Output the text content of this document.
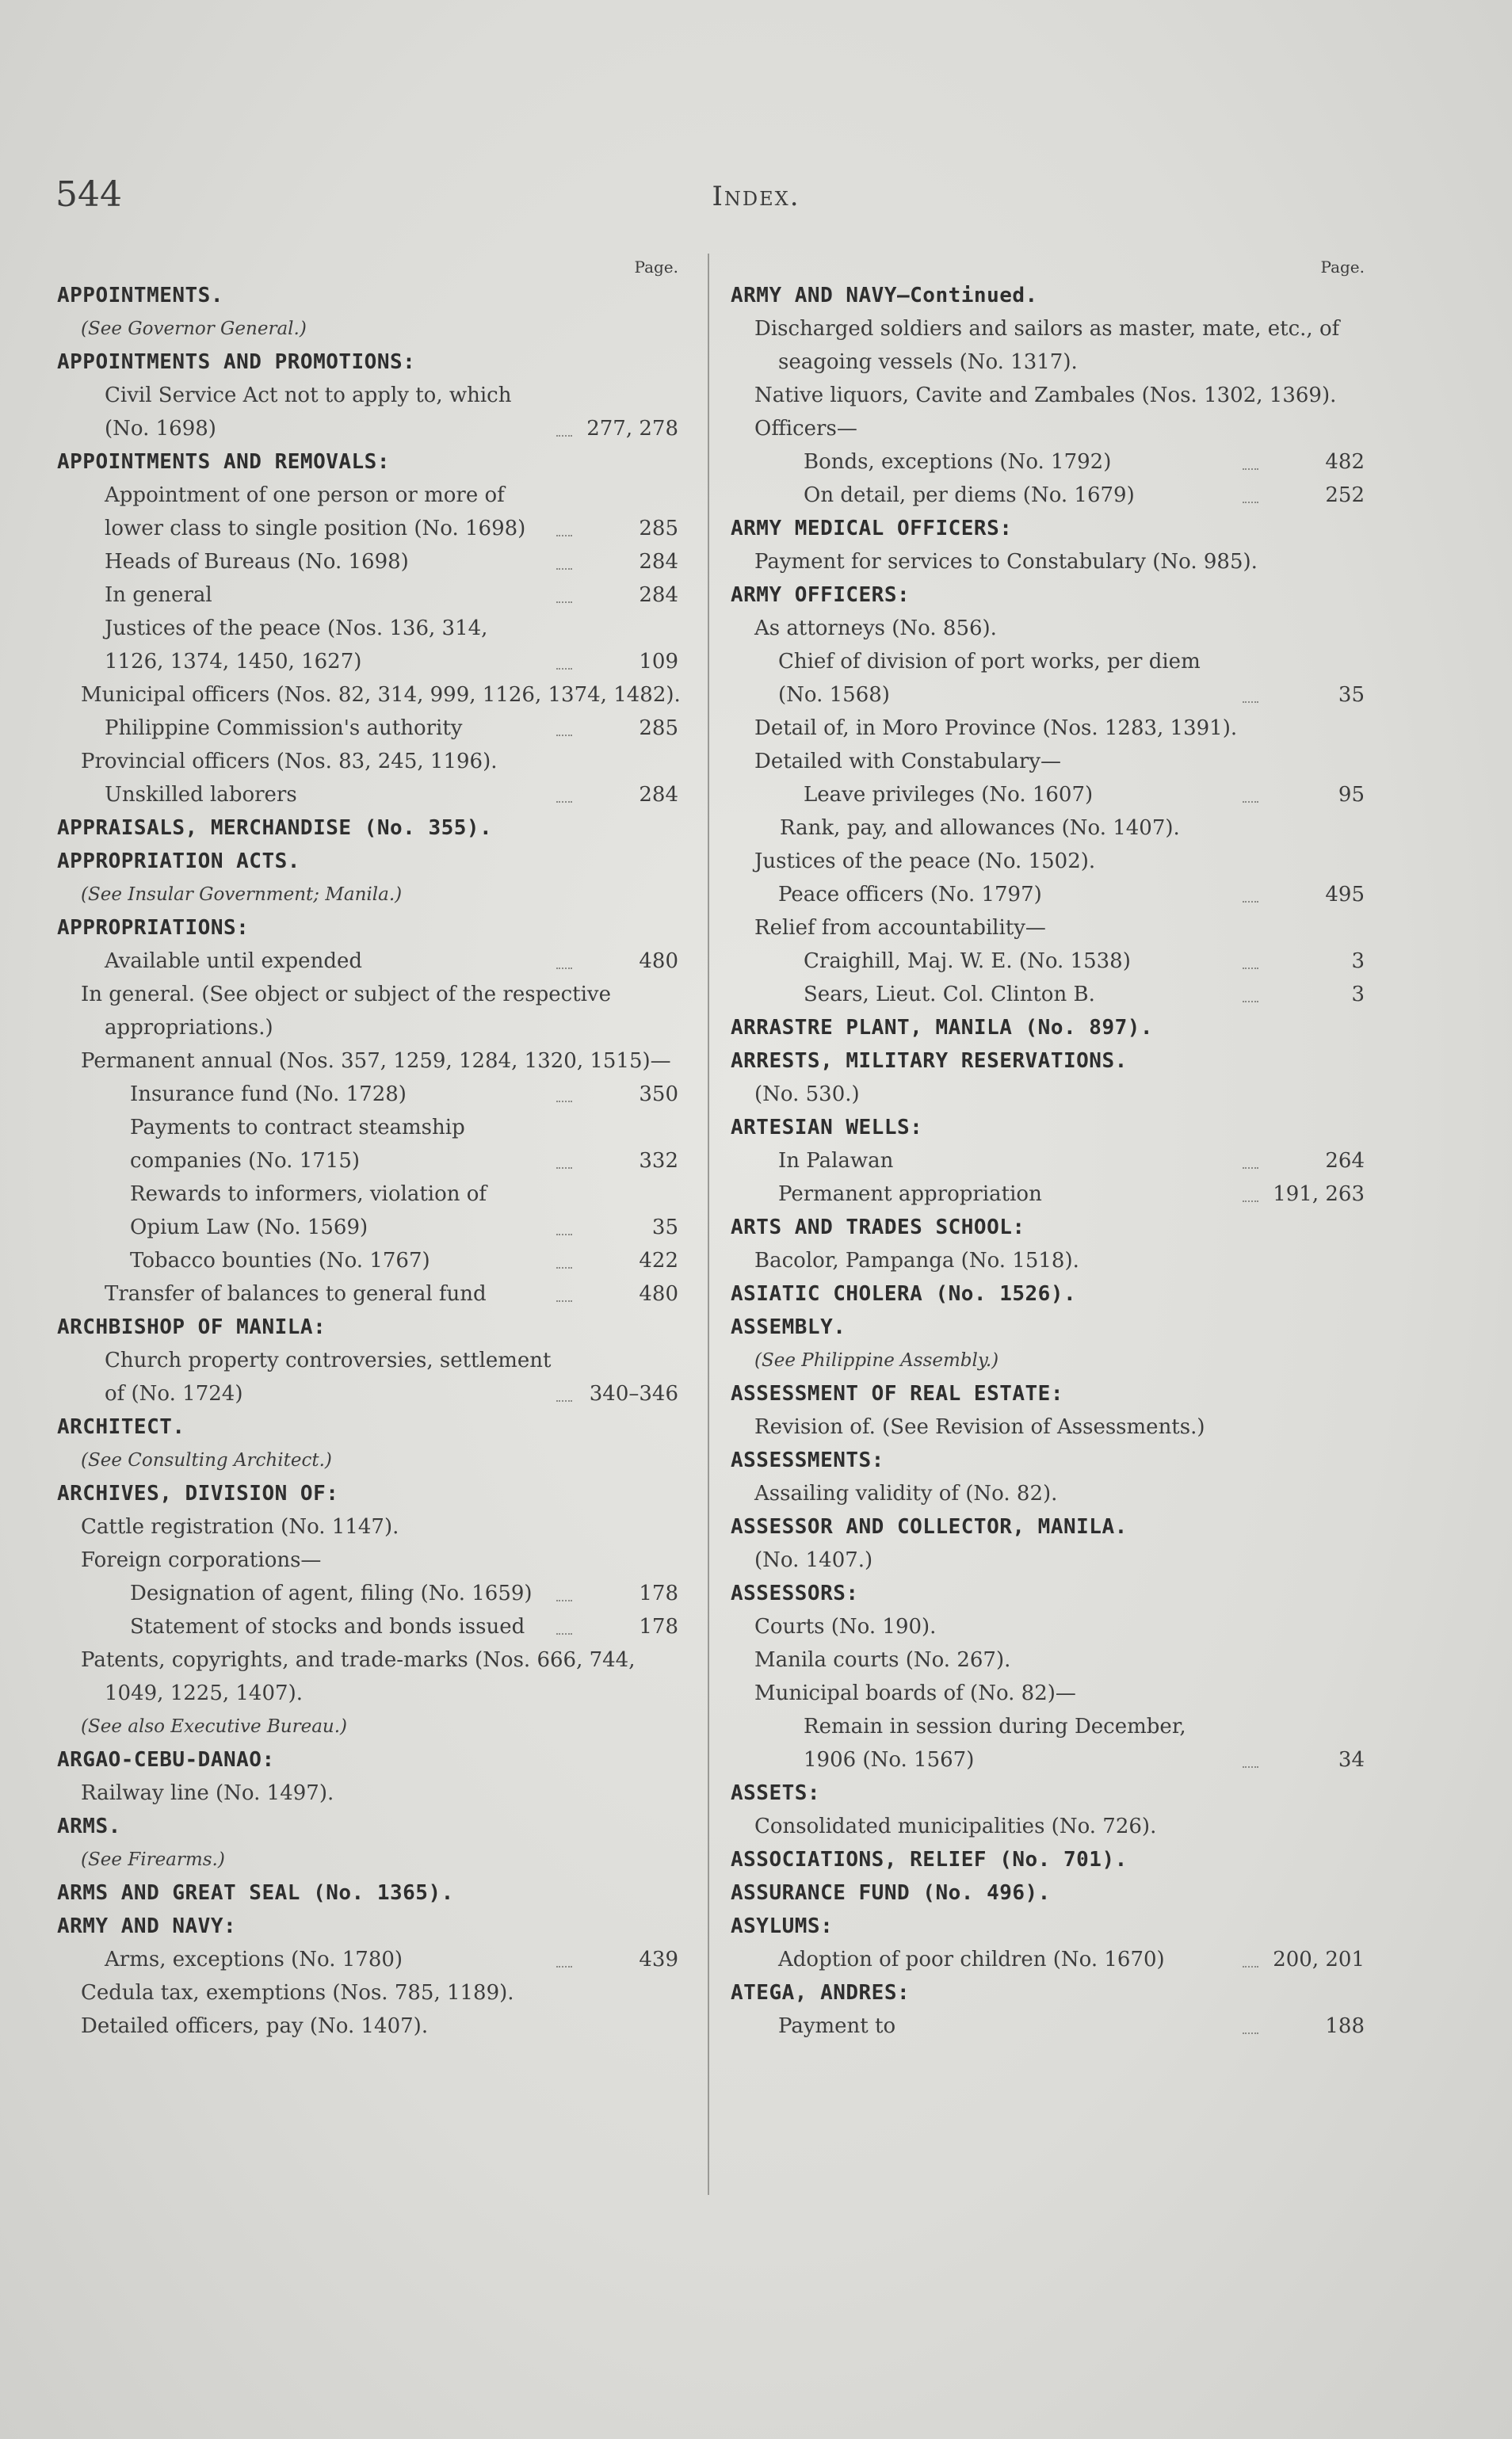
544	Index.
Page.
APPOINTMENTS.
(See Governor General.)
APPOINTMENTS AND PROMOTIONS:
Civil Service Act not to apply to, which (No. 1698)	277, 278
APPOINTMENTS AND REMOVALS:
Appointment of one person or more of lower class to single position (No. 1698)	285
Heads of Bureaus (No. 1698)	284
In general	284
Justices of the peace (Nos. 136, 314, 1126, 1374, 1450, 1627)	109
Municipal officers (Nos. 82, 314, 999, 1126, 1374, 1482).
Philippine Commission's authority	285
Provincial officers (Nos. 83, 245, 1196).
Unskilled laborers	284
APPRAISALS, MERCHANDISE (No. 355).
APPROPRIATION ACTS.
(See Insular Government; Manila.)
APPROPRIATIONS:
Available until expended	480
In general. (See object or subject of the respective appropriations.)
Permanent annual (Nos. 357, 1259, 1284, 1320, 1515)—
Insurance fund (No. 1728)	350
Payments to contract steamship companies (No. 1715)	332
Rewards to informers, violation of Opium Law (No. 1569)	35
Tobacco bounties (No. 1767)	422
Transfer of balances to general fund	480
ARCHBISHOP OF MANILA:
Church property controversies, settlement of (No. 1724)	340–346
ARCHITECT.
(See Consulting Architect.)
ARCHIVES, DIVISION OF:
Cattle registration (No. 1147).
Foreign corporations—
Designation of agent, filing (No. 1659)	178
Statement of stocks and bonds issued	178
Patents, copyrights, and trade-marks (Nos. 666, 744, 1049, 1225, 1407).
(See also Executive Bureau.)
ARGAO-CEBU-DANAO:
Railway line (No. 1497).
ARMS.
(See Firearms.)
ARMS AND GREAT SEAL (No. 1365).
ARMY AND NAVY:
Arms, exceptions (No. 1780)	439
Cedula tax, exemptions (Nos. 785, 1189).
Detailed officers, pay (No. 1407).
Page.
ARMY AND NAVY—Continued.
Discharged soldiers and sailors as master, mate, etc., of seagoing vessels (No. 1317).
Native liquors, Cavite and Zambales (Nos. 1302, 1369).
Officers—
Bonds, exceptions (No. 1792)	482
On detail, per diems (No. 1679)	252
ARMY MEDICAL OFFICERS:
Payment for services to Constabulary (No. 985).
ARMY OFFICERS:
As attorneys (No. 856).
Chief of division of port works, per diem (No. 1568)	35
Detail of, in Moro Province (Nos. 1283, 1391).
Detailed with Constabulary—
Leave privileges (No. 1607)	95
Rank, pay, and allowances (No. 1407).
Justices of the peace (No. 1502).
Peace officers (No. 1797)	495
Relief from accountability—
Craighill, Maj. W. E. (No. 1538)	3
Sears, Lieut. Col. Clinton B.	3
ARRASTRE PLANT, MANILA (No. 897).
ARRESTS, MILITARY RESERVATIONS.
(No. 530.)
ARTESIAN WELLS:
In Palawan	264
Permanent appropriation	191, 263
ARTS AND TRADES SCHOOL:
Bacolor, Pampanga (No. 1518).
ASIATIC CHOLERA (No. 1526).
ASSEMBLY.
(See Philippine Assembly.)
ASSESSMENT OF REAL ESTATE:
Revision of. (See Revision of Assessments.)
ASSESSMENTS:
Assailing validity of (No. 82).
ASSESSOR AND COLLECTOR, MANILA.
(No. 1407.)
ASSESSORS:
Courts (No. 190).
Manila courts (No. 267).
Municipal boards of (No. 82)—
Remain in session during December, 1906 (No. 1567)	34
ASSETS:
Consolidated municipalities (No. 726).
ASSOCIATIONS, RELIEF (No. 701).
ASSURANCE FUND (No. 496).
ASYLUMS:
Adoption of poor children (No. 1670)	200, 201
ATEGA, ANDRES:
Payment to	188
